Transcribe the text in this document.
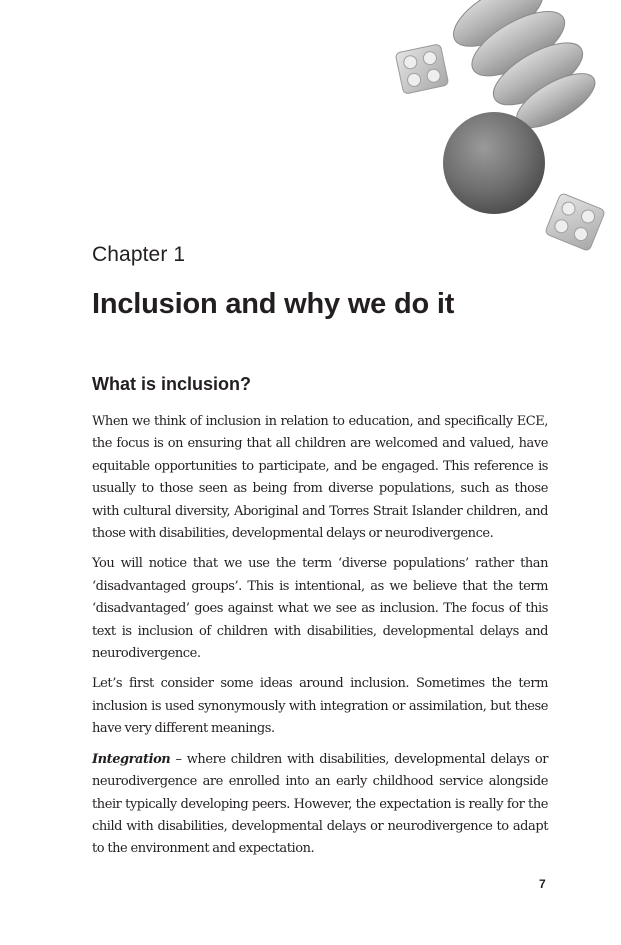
Chapter 1
Inclusion and why we do it
What is inclusion?

When we think of inclusion in relation to education, and specifically ECE, the focus is on ensuring that all children are welcomed and valued, have equitable opportunities to participate, and be engaged. This reference is usually to those seen as being from diverse populations, such as those with cultural diversity, Aboriginal and Torres Strait Islander children, and those with disabilities, developmental delays or neurodivergence.

You will notice that we use the term ‘diverse populations’ rather than ‘disadvantaged groups’. This is intentional, as we believe that the term ‘disadvantaged’ goes against what we see as inclusion. The focus of this text is inclusion of children with disabilities, developmental delays and neurodivergence.

Let’s first consider some ideas around inclusion. Sometimes the term inclusion is used synonymously with integration or assimilation, but these have very different meanings.

Integration – where children with disabilities, developmental delays or neurodivergence are enrolled into an early childhood service alongside their typically developing peers. However, the expectation is really for the child with disabilities, developmental delays or neurodivergence to adapt to the environment and expectation.

7
